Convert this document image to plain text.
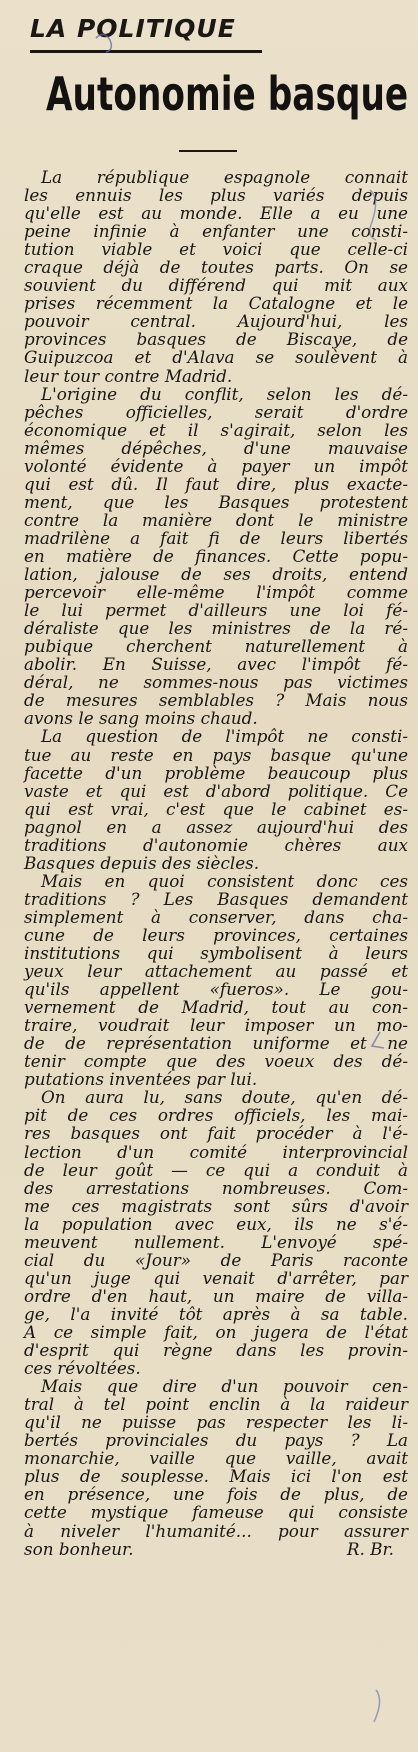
LA POLITIQUE
Autonomie basque
La république espagnole connait
les ennuis les plus variés depuis
qu'elle est au monde. Elle a eu une
peine infinie à enfanter une consti-
tution viable et voici que celle-ci
craque déjà de toutes parts. On se
souvient du différend qui mit aux
prises récemment la Catalogne et le
pouvoir central. Aujourd'hui, les
provinces basques de Biscaye, de
Guipuzcoa et d'Alava se soulèvent à
leur tour contre Madrid.
L'origine du conflit, selon les dé-
pêches officielles, serait d'ordre
économique et il s'agirait, selon les
mêmes dépêches, d'une mauvaise
volonté évidente à payer un impôt
qui est dû. Il faut dire, plus exacte-
ment, que les Basques protestent
contre la manière dont le ministre
madrilène a fait fi de leurs libertés
en matière de finances. Cette popu-
lation, jalouse de ses droits, entend
percevoir elle-même l'impôt comme
le lui permet d'ailleurs une loi fé-
déraliste que les ministres de la ré-
pubique cherchent naturellement à
abolir. En Suisse, avec l'impôt fé-
déral, ne sommes-nous pas victimes
de mesures semblables ? Mais nous
avons le sang moins chaud.
La question de l'impôt ne consti-
tue au reste en pays basque qu'une
facette d'un problème beaucoup plus
vaste et qui est d'abord politique. Ce
qui est vrai, c'est que le cabinet es-
pagnol en a assez aujourd'hui des
traditions d'autonomie chères aux
Basques depuis des siècles.
Mais en quoi consistent donc ces
traditions ? Les Basques demandent
simplement à conserver, dans cha-
cune de leurs provinces, certaines
institutions qui symbolisent à leurs
yeux leur attachement au passé et
qu'ils appellent «fueros». Le gou-
vernement de Madrid, tout au con-
traire, voudrait leur imposer un mo-
de de représentation uniforme et ne
tenir compte que des voeux des dé-
putations inventées par lui.
On aura lu, sans doute, qu'en dé-
pit de ces ordres officiels, les mai-
res basques ont fait procéder à l'é-
lection d'un comité interprovincial
de leur goût — ce qui a conduit à
des arrestations nombreuses. Com-
me ces magistrats sont sûrs d'avoir
la population avec eux, ils ne s'é-
meuvent nullement. L'envoyé spé-
cial du «Jour» de Paris raconte
qu'un juge qui venait d'arrêter, par
ordre d'en haut, un maire de villa-
ge, l'a invité tôt après à sa table.
A ce simple fait, on jugera de l'état
d'esprit qui règne dans les provin-
ces révoltées.
Mais que dire d'un pouvoir cen-
tral à tel point enclin à la raideur
qu'il ne puisse pas respecter les li-
bertés provinciales du pays ? La
monarchie, vaille que vaille, avait
plus de souplesse. Mais ici l'on est
en présence, une fois de plus, de
cette mystique fameuse qui consiste
à niveler l'humanité... pour assurer
son bonheur.	R. Br.
